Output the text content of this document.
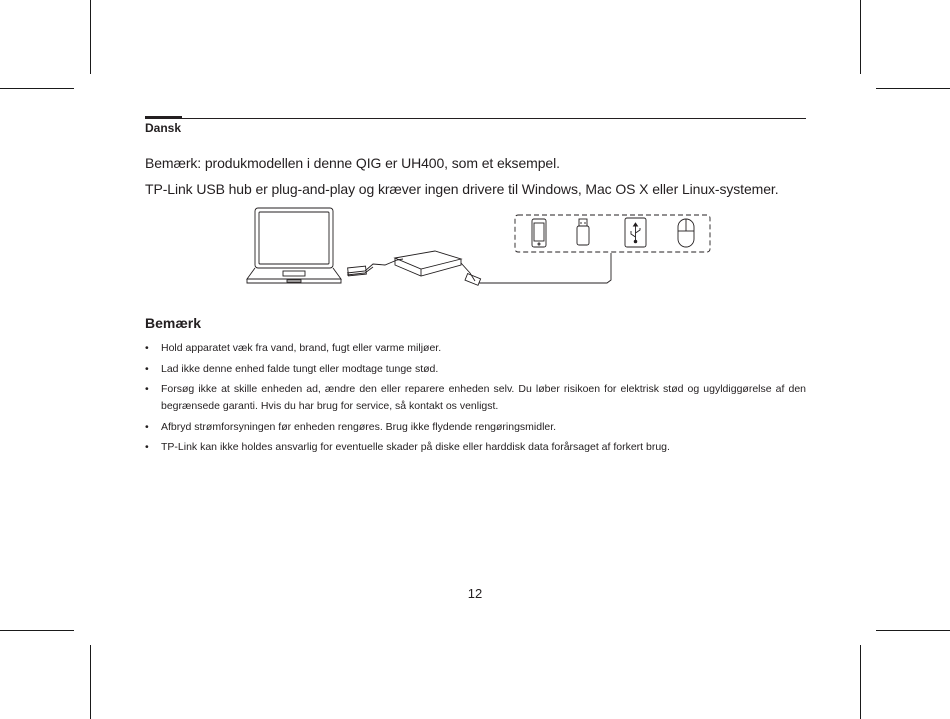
Dansk
Bemærk: produkmodellen i denne QIG er UH400, som et eksempel.
TP-Link USB hub er plug-and-play og kræver ingen drivere til Windows, Mac OS X eller Linux-systemer.
Bemærk
• Hold apparatet væk fra vand, brand, fugt eller varme miljøer.
• Lad ikke denne enhed falde tungt eller modtage tunge stød.
• Forsøg ikke at skille enheden ad, ændre den eller reparere enheden selv. Du løber risikoen for elektrisk stød og ugyldiggørelse af den begrænsede garanti. Hvis du har brug for service, så kontakt os venligst.
• Afbryd strømforsyningen før enheden rengøres. Brug ikke flydende rengøringsmidler.
• TP-Link kan ikke holdes ansvarlig for eventuelle skader på diske eller harddisk data forårsaget af forkert brug.
12
